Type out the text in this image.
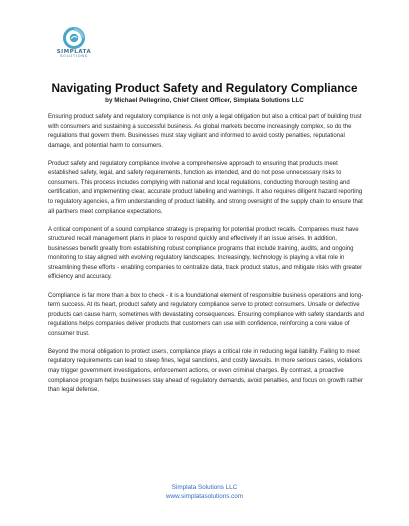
SIMPLATA
SOLUTIONS
Navigating Product Safety and Regulatory Compliance
by Michael Pellegrino, Chief Client Officer, Simplata Solutions LLC

Ensuring product safety and regulatory compliance is not only a legal obligation but also a critical part of building trust with consumers and sustaining a successful business. As global markets become increasingly complex, so do the regulations that govern them. Businesses must stay vigilant and informed to avoid costly penalties, reputational damage, and potential harm to consumers.

Product safety and regulatory compliance involve a comprehensive approach to ensuring that products meet established safety, legal, and safety requirements, function as intended, and do not pose unnecessary risks to consumers. This process includes complying with national and local regulations, conducting thorough testing and certification, and implementing clear, accurate product labeling and warnings. It also requires diligent hazard reporting to regulatory agencies, a firm understanding of product liability, and strong oversight of the supply chain to ensure that all partners meet compliance expectations.

A critical component of a sound compliance strategy is preparing for potential product recalls. Companies must have structured recall management plans in place to respond quickly and effectively if an issue arises. In addition, businesses benefit greatly from establishing robust compliance programs that include training, audits, and ongoing monitoring to stay aligned with evolving regulatory landscapes. Increasingly, technology is playing a vital role in streamlining these efforts - enabling companies to centralize data, track product status, and mitigate risks with greater efficiency and accuracy.

Compliance is far more than a box to check - it is a foundational element of responsible business operations and long-term success. At its heart, product safety and regulatory compliance serve to protect consumers. Unsafe or defective products can cause harm, sometimes with devastating consequences. Ensuring compliance with safety standards and regulations helps companies deliver products that customers can use with confidence, reinforcing a core value of consumer trust.

Beyond the moral obligation to protect users, compliance plays a critical role in reducing legal liability. Failing to meet regulatory requirements can lead to steep fines, legal sanctions, and costly lawsuits. In more serious cases, violations may trigger government investigations, enforcement actions, or even criminal charges. By contrast, a proactive compliance program helps businesses stay ahead of regulatory demands, avoid penalties, and focus on growth rather than legal defense.

Simplata Solutions LLC
www.simplatasolutions.com
